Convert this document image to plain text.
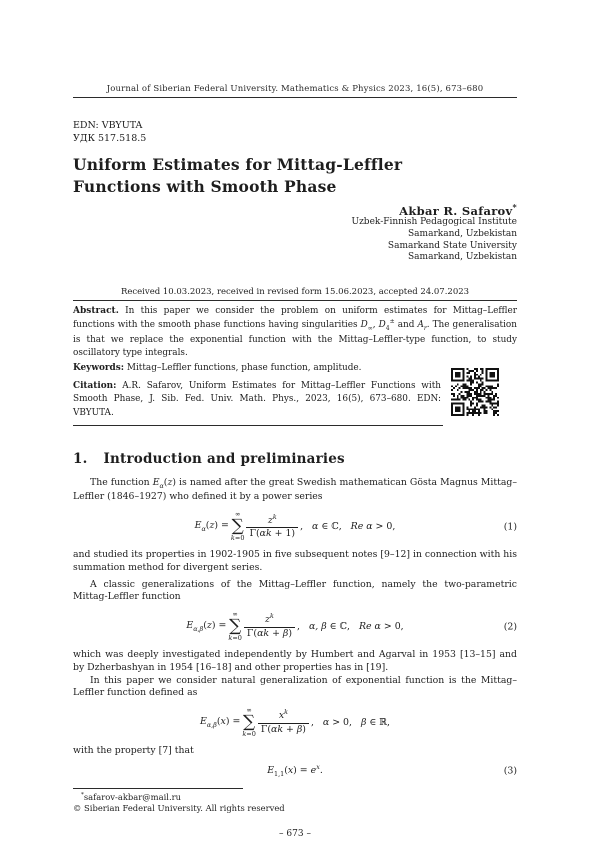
Journal of Siberian Federal University. Mathematics & Physics 2023, 16(5), 673–680
EDN: VBYUTA
УДК 517.518.5
Uniform Estimates for Mittag-Leffler Functions with Smooth Phase
Akbar R. Safarov*
Uzbek-Finnish Pedagogical Institute
Samarkand, Uzbekistan
Samarkand State University
Samarkand, Uzbekistan
Received 10.03.2023, received in revised form 15.06.2023, accepted 24.07.2023
Abstract. In this paper we consider the problem on uniform estimates for Mittag–Leffler functions with the smooth phase functions having singularities $D_\infty$, $D_4^\pm$ and $A_r$. The generalisation is that we replace the exponential function with the Mittag–Leffler-type function, to study oscillatory type integrals.
Keywords: Mittag–Leffler functions, phase function, amplitude.
Citation: A.R. Safarov, Uniform Estimates for Mittag–Leffler Functions with Smooth Phase, J. Sib. Fed. Univ. Math. Phys., 2023, 16(5), 673–680. EDN: VBYUTA.
1. Introduction and preliminaries

The function $E_\alpha(z)$ is named after the great Swedish mathematican Gösta Magnus Mittag–Leffler (1846–1927) who defined it by a power series

$E_\alpha(z)$ =
∞
∑
$k=0 \frac{z^k}{\Gamma(\alpha k + 1)}$ ,   α ∈ ℂ,   Re α > 0,	(1)

and studied its properties in 1902-1905 in five subsequent notes [9–12] in connection with his summation method for divergent series.

A classic generalizations of the Mittag–Leffler function, namely the two-parametric Mittag-Leffler function

$E_{\alpha,\beta}(z)$ =
∞
∑
$k=0 \frac{z^k}{\Gamma(\alpha k + \beta)}$ ,   α, β ∈ ℂ,   Re α > 0,	(2)

which was deeply investigated independently by Humbert and Agarval in 1953 [13–15] and by Dzherbashyan in 1954 [16–18] and other properties has in [19].

In this paper we consider natural generalization of exponential function is the Mittag–Leffler function defined as

$E_{\alpha,\beta}(x)$ =
∞
∑
$k=0 \frac{x^k}{\Gamma(\alpha k + \beta)}$ ,   α > 0,   β ∈ ℝ,

with the property [7] that

$E_{1,1}(x) = e^x$.	(3)
*safarov-akbar@mail.ru
© Siberian Federal University. All rights reserved
– 673 –
